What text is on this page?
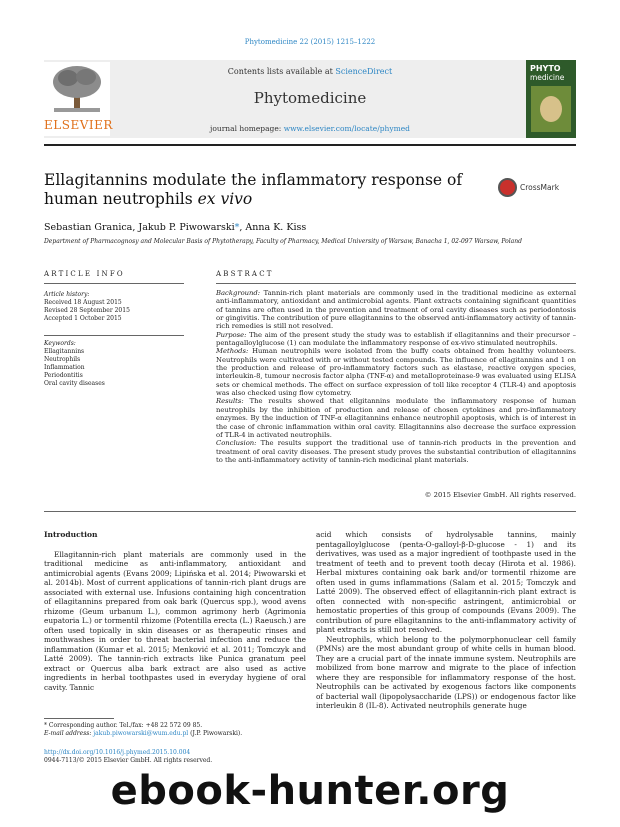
Phytomedicine 22 (2015) 1215–1222
ELSEVIER
Contents lists available at ScienceDirect
Phytomedicine
journal homepage: www.elsevier.com/locate/phymed
PHYTO
medicine
Ellagitannins modulate the inflammatory response of human neutrophils ex vivo
CrossMark
Sebastian Granica, Jakub P. Piwowarski*, Anna K. Kiss
Department of Pharmacognosy and Molecular Basis of Phytotherapy, Faculty of Pharmacy, Medical University of Warsaw, Banacha 1, 02-097 Warsaw, Poland
ARTICLE INFO	ABSTRACT
Article history:
Received 18 August 2015
Revised 28 September 2015
Accepted 1 October 2015
Keywords:
Ellagitannins
Neutrophils
Inflammation
Periodontitis
Oral cavity diseases

Background: Tannin-rich plant materials are commonly used in the traditional medicine as external anti-inflammatory, antioxidant and antimicrobial agents. Plant extracts containing significant quantities of tannins are often used in the prevention and treatment of oral cavity diseases such as periodontosis or gingivitis. The contribution of pure ellagitannins to the observed anti-inflammatory activity of tannin-rich remedies is still not resolved.

Purpose: The aim of the present study the study was to establish if ellagitannins and their precursor – pentagalloylglucose (1) can modulate the inflammatory response of ex-vivo stimulated neutrophils.

Methods: Human neutrophils were isolated from the buffy coats obtained from healthy volunteers. Neutrophils were cultivated with or without tested compounds. The influence of ellagitannins and 1 on the production and release of pro-inflammatory factors such as elastase, reactive oxygen species, interleukin-8, tumour necrosis factor alpha (TNF-α) and metalloproteinase-9 was evaluated using ELISA sets or chemical methods. The effect on surface expression of toll like receptor 4 (TLR-4) and apoptosis was also checked using flow cytometry.

Results: The results showed that ellgitannins modulate the inflammatory response of human neutrophils by the inhibition of production and release of chosen cytokines and pro-inflammatory enzymes. By the induction of TNF-α ellagitannins enhance neutrophil apoptosis, which is of interest in the case of chronic inflammation within oral cavity. Ellagitannins also decrease the surface expression of TLR-4 in activated neutrophils.

Conclusion: The results support the traditional use of tannin-rich products in the prevention and treatment of oral cavity diseases. The present study proves the substantial contribution of ellagitannins to the anti-inflammatory activity of tannin-rich medicinal plant materials.

© 2015 Elsevier GmbH. All rights reserved.
Introduction

Ellagitannin-rich plant materials are commonly used in the traditional medicine as anti-inflammatory, antioxidant and antimicrobial agents (Evans 2009; Lipińska et al. 2014; Piwowarski et al. 2014b). Most of current applications of tannin-rich plant drugs are associated with external use. Infusions containing high concentration of ellagitannins prepared from oak bark (Quercus spp.), wood avens rhizome (Geum urbanum L.), common agrimony herb (Agrimonia eupatoria L.) or tormentil rhizome (Potentilla erecta (L.) Raeusch.) are often used topically in skin diseases or as therapeutic rinses and mouthwashes in order to threat bacterial infection and reduce the inflammation (Kumar et al. 2015; Menković et al. 2011; Tomczyk and Latté 2009). The tannin-rich extracts like Punica granatum peel extract or Quercus alba bark extract are also used as active ingredients in herbal toothpastes used in everyday hygiene of oral cavity. Tannic

acid which consists of hydrolysable tannins, mainly pentagalloylglucose (penta-O-galloyl-β-D-glucose - 1) and its derivatives, was used as a major ingredient of toothpaste used in the treatment of teeth and to prevent tooth decay (Hirota et al. 1986). Herbal mixtures containing oak bark and/or tormentil rhizome are often used in gums inflammations (Salam et al. 2015; Tomczyk and Latté 2009). The observed effect of ellagitannin-rich plant extract is often connected with non-specific astringent, antimicrobial or hemostatic properties of this group of compounds (Evans 2009). The contribution of pure ellagitannins to the anti-inflammatory activity of plant extracts is still not resolved.

Neutrophils, which belong to the polymorphonuclear cell family (PMNs) are the most abundant group of white cells in human blood. They are a crucial part of the innate immune system. Neutrophils are mobilized from bone marrow and migrate to the place of infection where they are responsible for inflammatory response of the host. Neutrophils can be activated by exogenous factors like components of bacterial wall (lipopolysaccharide (LPS)) or endogenous factor like interleukin 8 (IL-8). Activated neutrophils generate huge

* Corresponding author. Tel./fax: +48 22 572 09 85.
E-mail address: jakub.piwowarski@wum.edu.pl (J.P. Piwowarski).
http://dx.doi.org/10.1016/j.phymed.2015.10.004
0944-7113/© 2015 Elsevier GmbH. All rights reserved.
ebook-hunter.org
